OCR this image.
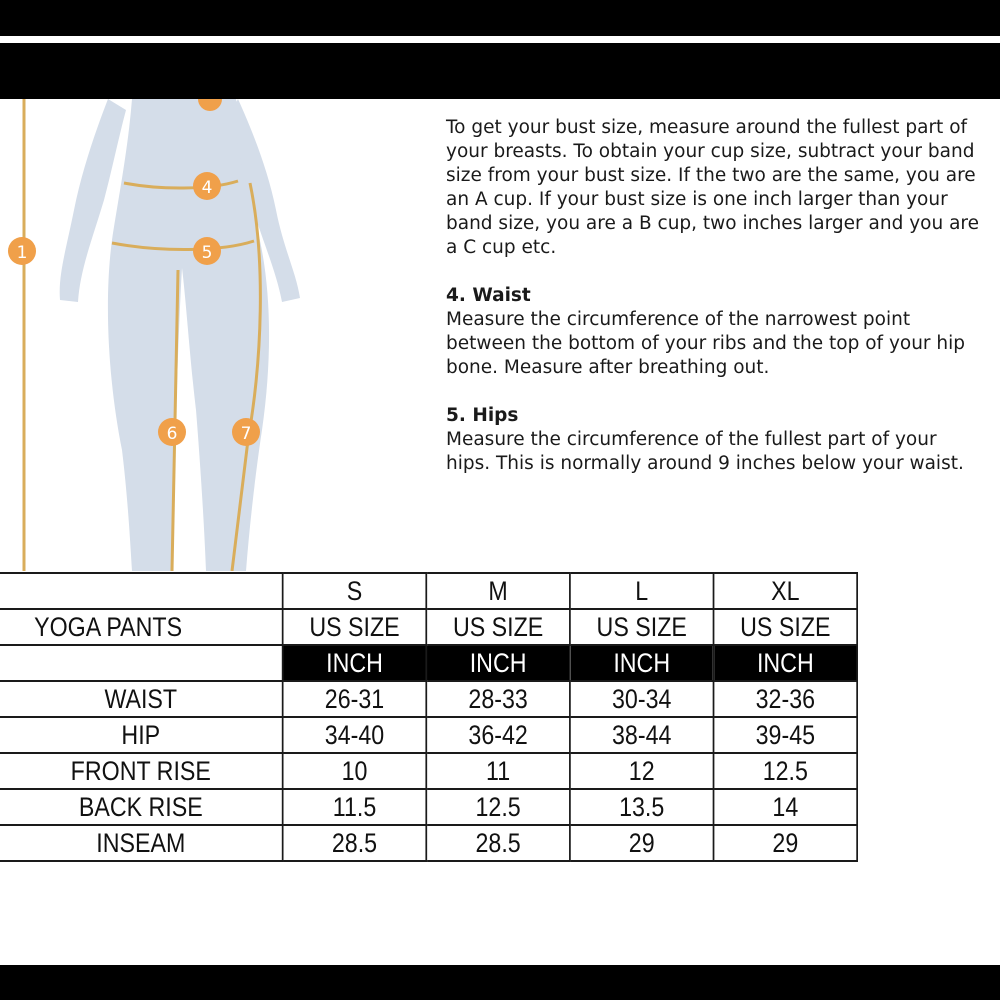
1
4
5
6	7

To get your bust size, measure around the fullest part of your breasts. To obtain your cup size, subtract your band size from your bust size. If the two are the same, you are an A cup. If your bust size is one inch larger than your band size, you are a B cup, two inches larger and you are a C cup etc.

4. Waist

Measure the circumference of the narrowest point between the bottom of your ribs and the top of your hip bone. Measure after breathing out.

5. Hips

Measure the circumference of the fullest part of your hips. This is normally around 9 inches below your waist.

	S	M	L	XL
YOGA PANTS	US SIZE	US SIZE	US SIZE	US SIZE
	INCH	INCH	INCH	INCH
WAIST	26-31	28-33	30-34	32-36
HIP	34-40	36-42	38-44	39-45
FRONT RISE	10	11	12	12.5
BACK RISE	11.5	12.5	13.5	14
INSEAM	28.5	28.5	29	29
